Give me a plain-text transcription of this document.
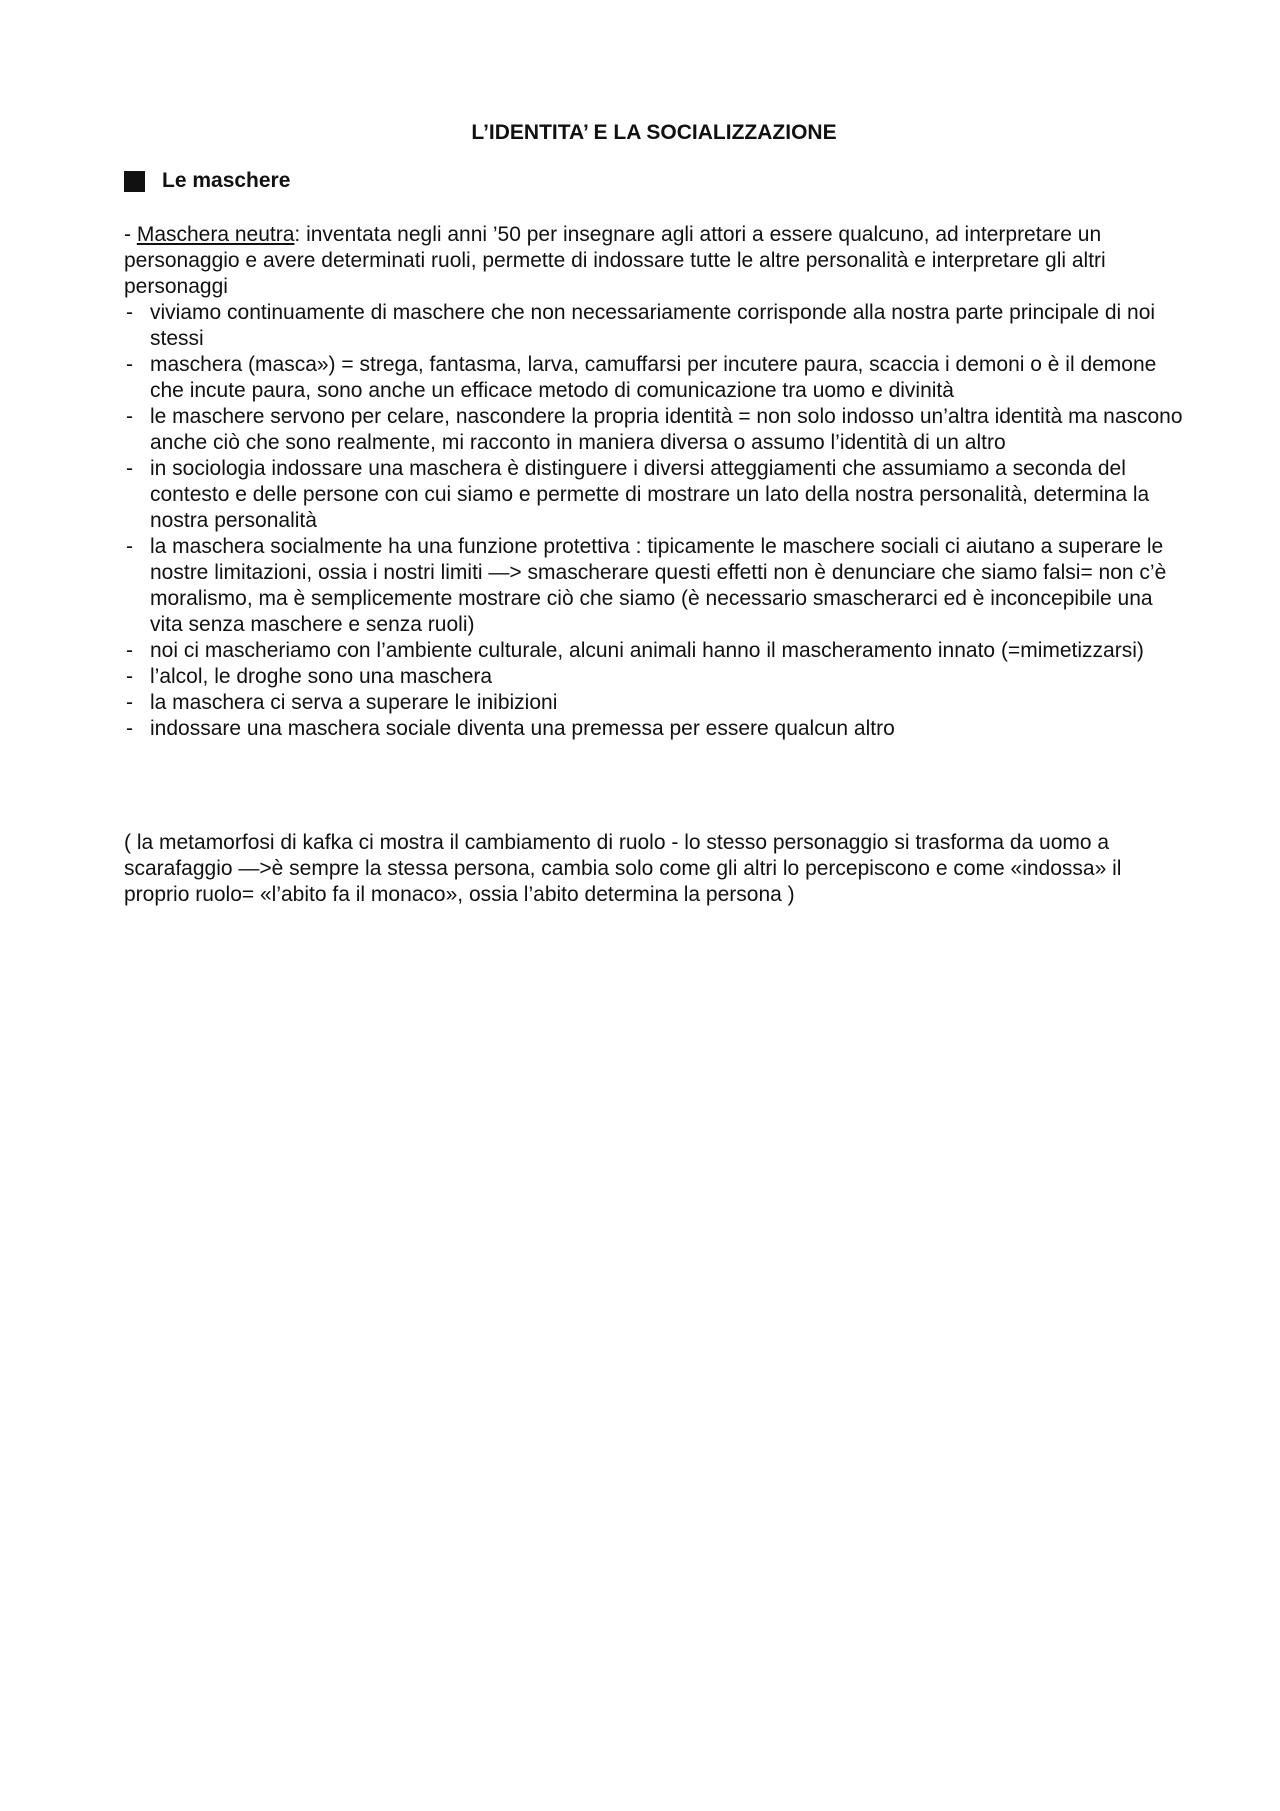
L’IDENTITA’ E LA SOCIALIZZAZIONE
Le maschere

- Maschera neutra: inventata negli anni ’50 per insegnare agli attori a essere qualcuno, ad interpretare un personaggio e avere determinati ruoli, permette di indossare tutte le altre personalità e interpretare gli altri personaggi

- viviamo continuamente di maschere che non necessariamente corrisponde alla nostra parte principale di noi stessi
- maschera (masca») = strega, fantasma, larva, camuffarsi per incutere paura, scaccia i demoni o è il demone che incute paura, sono anche un efficace metodo di comunicazione tra uomo e divinità
- le maschere servono per celare, nascondere la propria identità = non solo indosso un’altra identità ma nascono anche ciò che sono realmente, mi racconto in maniera diversa o assumo l’identità di un altro
- in sociologia indossare una maschera è distinguere i diversi atteggiamenti che assumiamo a seconda del contesto e delle persone con cui siamo e permette di mostrare un lato della nostra personalità, determina la nostra personalità
- la maschera socialmente ha una funzione protettiva : tipicamente le maschere sociali ci aiutano a superare le nostre limitazioni, ossia i nostri limiti —> smascherare questi effetti non è denunciare che siamo falsi= non c’è moralismo, ma è semplicemente mostrare ciò che siamo (è necessario smascherarci ed è inconcepibile una vita senza maschere e senza ruoli)
- noi ci mascheriamo con l’ambiente culturale, alcuni animali hanno il mascheramento innato (=mimetizzarsi)
- l’alcol, le droghe sono una maschera
- la maschera ci serva a superare le inibizioni
- indossare una maschera sociale diventa una premessa per essere qualcun altro

( la metamorfosi di kafka ci mostra il cambiamento di ruolo - lo stesso personaggio si trasforma da uomo a scarafaggio —>è sempre la stessa persona, cambia solo come gli altri lo percepiscono e come «indossa» il proprio ruolo= «l’abito fa il monaco», ossia l’abito determina la persona )
